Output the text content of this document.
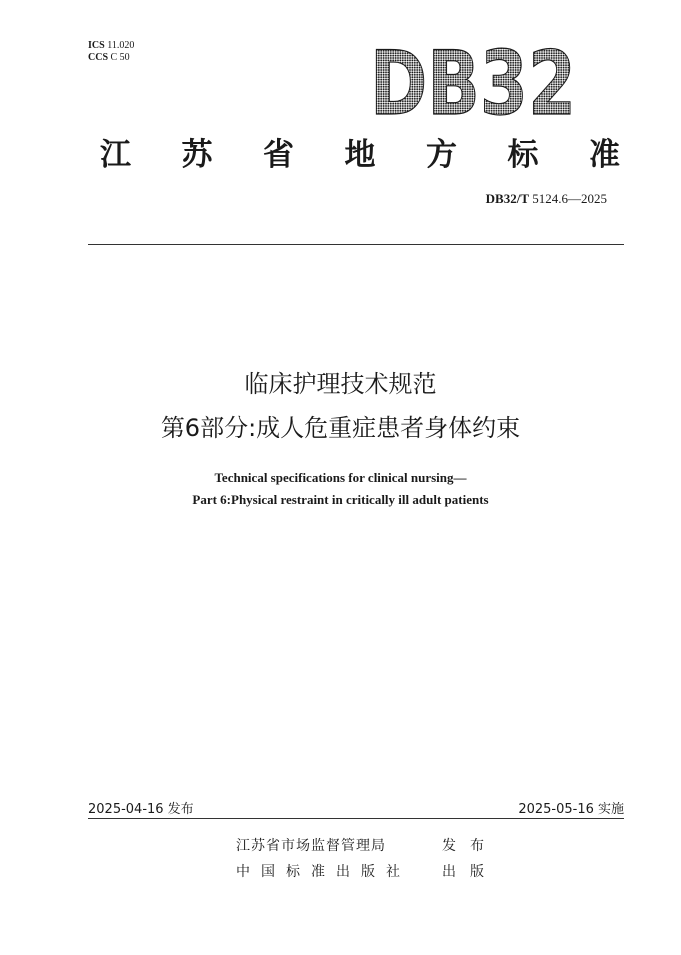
ICS 11.020
CCS C 50	DB32
江 苏 省 地 方 标 准
DB32/T 5124.6—2025
临床护理技术规范
第6部分:成人危重症患者身体约束
Technical specifications for clinical nursing—
Part 6:Physical restraint in critically ill adult patients
2025-04-16 发布	2025-05-16 实施
江苏省市场监督管理局	发布
中国标准出版社 出版
